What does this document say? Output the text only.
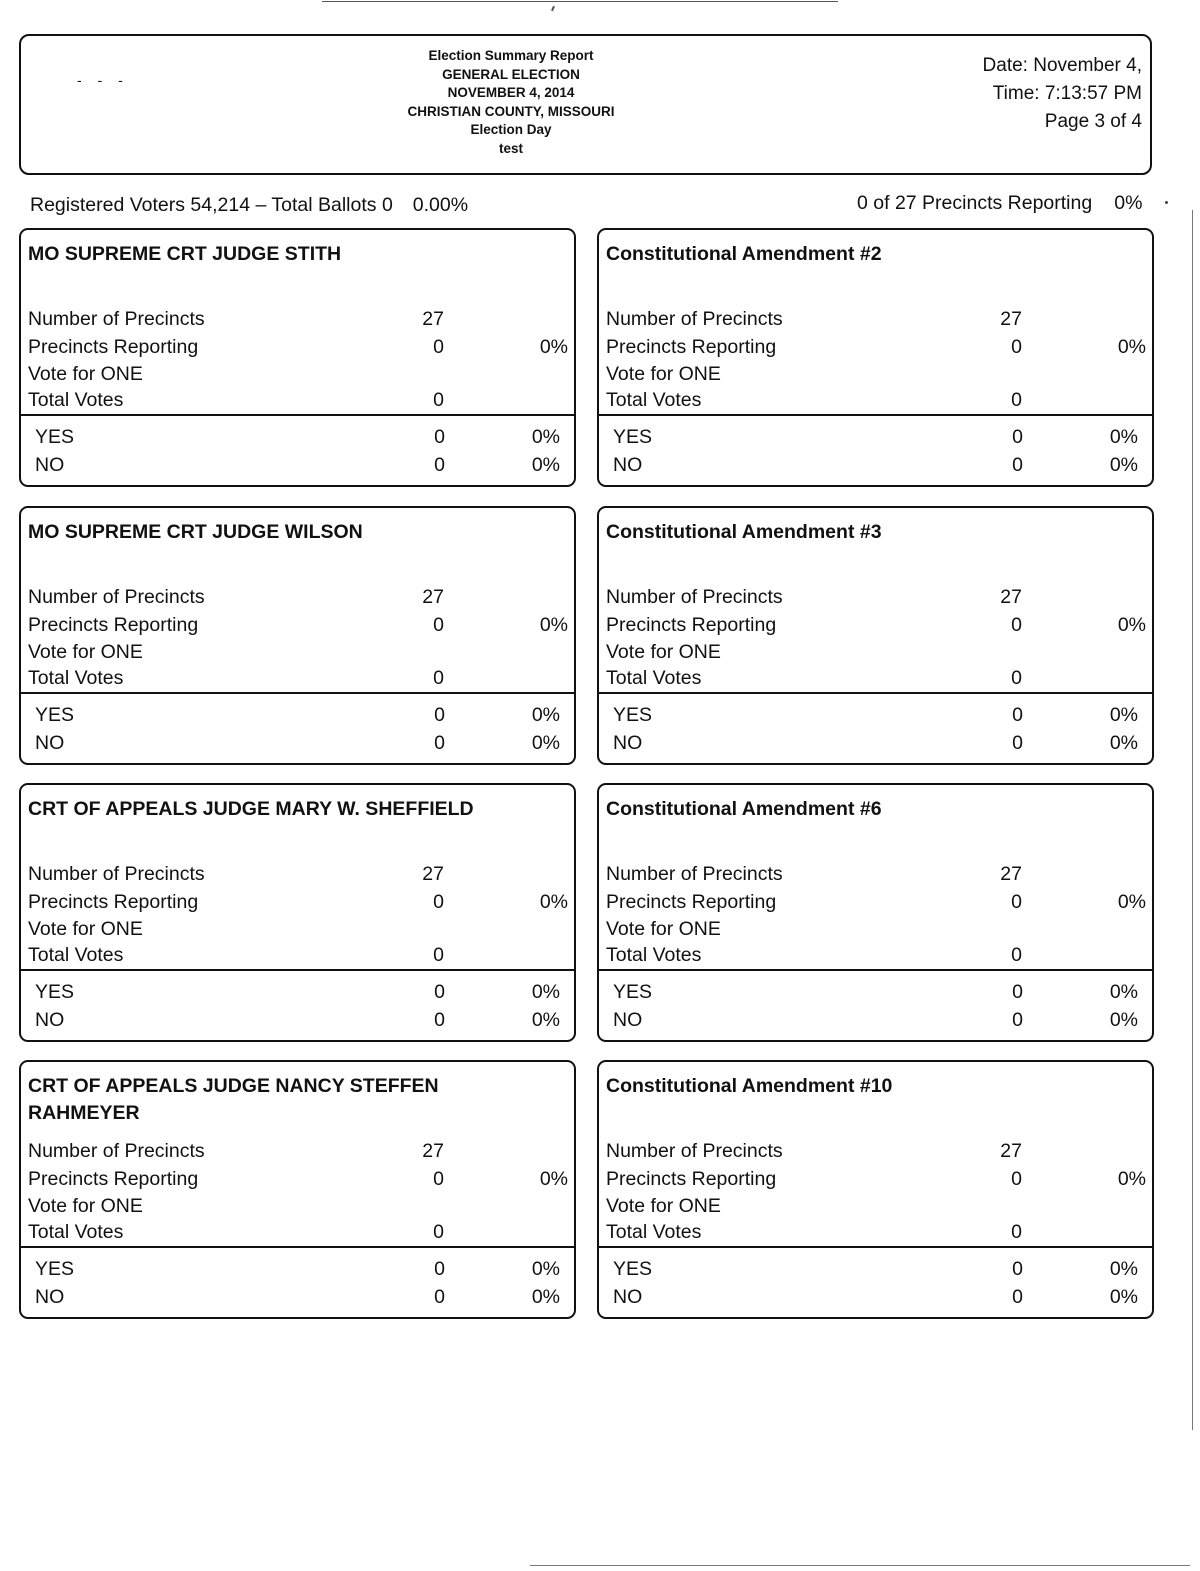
- - -
Election Summary Report
GENERAL ELECTION
NOVEMBER 4, 2014
CHRISTIAN COUNTY, MISSOURI
Election Day
test
Date: November 4,
Time: 7:13:57 PM
Page 3 of 4
Registered Voters 54,214 – Total Ballots 0 0.00%	0 of 27 Precincts Reporting 0%
MO SUPREME CRT JUDGE STITH
Number of Precincts	27
Precincts Reporting	0	0%
Vote for ONE
Total Votes	0
YES	0	0%
NO	0	0%
Constitutional Amendment #2
Number of Precincts	27
Precincts Reporting	0	0%
Vote for ONE
Total Votes	0
YES	0	0%
NO	0	0%
MO SUPREME CRT JUDGE WILSON
Number of Precincts	27
Precincts Reporting	0	0%
Vote for ONE
Total Votes	0
YES	0	0%
NO	0	0%
Constitutional Amendment #3
Number of Precincts	27
Precincts Reporting	0	0%
Vote for ONE
Total Votes	0
YES	0	0%
NO	0	0%
CRT OF APPEALS JUDGE MARY W. SHEFFIELD
Number of Precincts	27
Precincts Reporting	0	0%
Vote for ONE
Total Votes	0
YES	0	0%
NO	0	0%
Constitutional Amendment #6
Number of Precincts	27
Precincts Reporting	0	0%
Vote for ONE
Total Votes	0
YES	0	0%
NO	0	0%
CRT OF APPEALS JUDGE NANCY STEFFEN RAHMEYER
Number of Precincts	27
Precincts Reporting	0	0%
Vote for ONE
Total Votes	0
YES	0	0%
NO	0	0%
Constitutional Amendment #10
Number of Precincts	27
Precincts Reporting	0	0%
Vote for ONE
Total Votes	0
YES	0	0%
NO	0	0%
